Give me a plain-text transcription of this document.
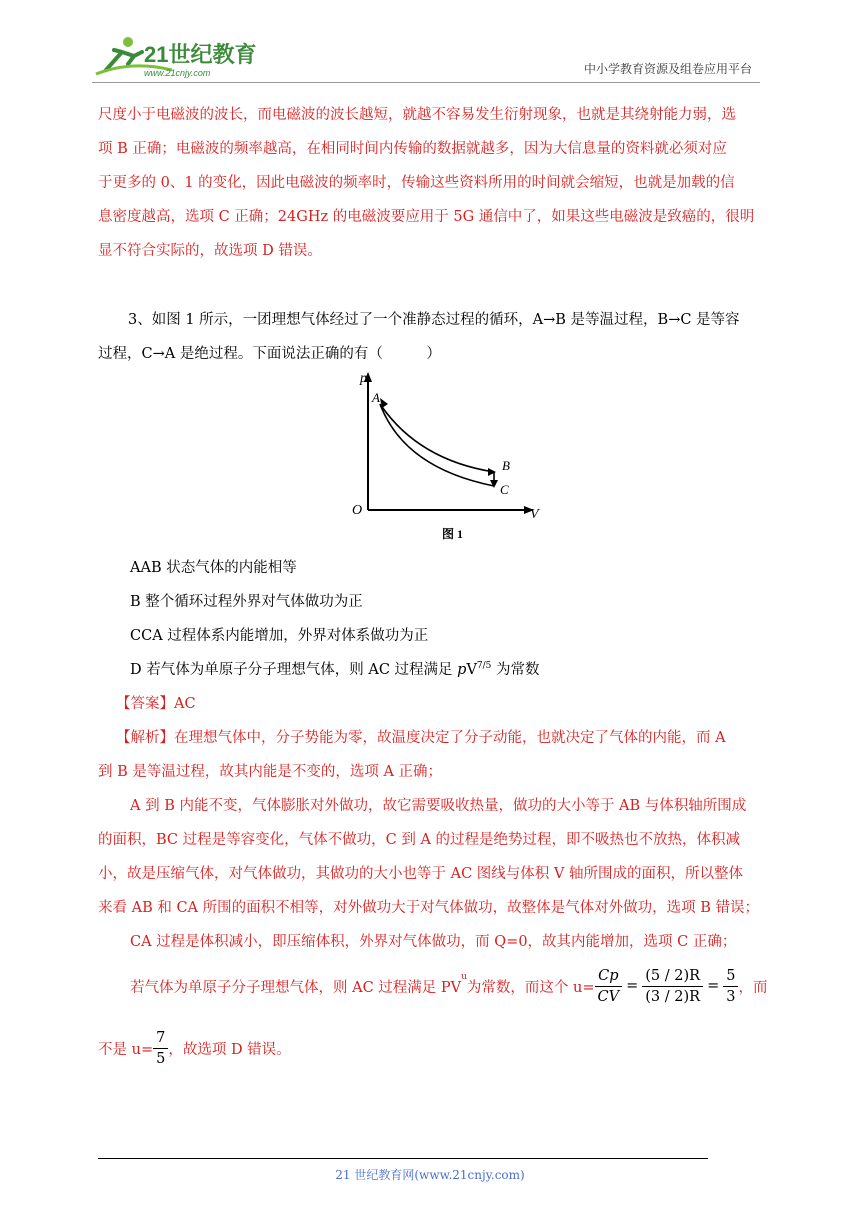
21世纪教育
www.21cnjy.com	中小学教育资源及组卷应用平台
尺度小于电磁波的波长，而电磁波的波长越短，就越不容易发生衍射现象，也就是其绕射能力弱，选
项 B 正确；电磁波的频率越高，在相同时间内传输的数据就越多，因为大信息量的资料就必须对应
于更多的 0、1 的变化，因此电磁波的频率时，传输这些资料所用的时间就会缩短，也就是加载的信
息密度越高，选项 C 正确；24GHz 的电磁波要应用于 5G 通信中了，如果这些电磁波是致癌的，很明
显不符合实际的，故选项 D 错误。
3、如图 1 所示，一团理想气体经过了一个准静态过程的循环，A→B 是等温过程，B→C 是等容
过程，C→A 是绝过程。下面说法正确的有（　　　）
p
V
O
A
B
C
图 1
AAB 状态气体的内能相等
B 整个循环过程外界对气体做功为正
CCA 过程体系内能增加，外界对体系做功为正
D 若气体为单原子分子理想气体，则 AC 过程满足 $pV^{7/5}$ 为常数
【答案】AC
【解析】在理想气体中，分子势能为零，故温度决定了分子动能，也就决定了气体的内能，而 A
到 B 是等温过程，故其内能是不变的，选项 A 正确；
A 到 B 内能不变，气体膨胀对外做功，故它需要吸收热量，做功的大小等于 AB 与体积轴所围成
的面积，BC 过程是等容变化，气体不做功，C 到 A 的过程是绝势过程，即不吸热也不放热，体积减
小，故是压缩气体，对气体做功，其做功的大小也等于 AC 图线与体积 V 轴所围成的面积，所以整体
来看 AB 和 CA 所围的面积不相等，对外做功大于对气体做功，故整体是气体对外做功，选项 B 错误；
CA 过程是体积减小，即压缩体积，外界对气体做功，而 Q=0，故其内能增加，选项 C 正确；
若气体为单原子分子理想气体，则 AC 过程满足 PV
$^u$
为常数，而这个 $u= \frac{Cp}{CV} = \frac{(5 / 2)R}{(3 / 2)R} = \frac{5}{3}$ ，而
不是 $u= \frac{7}{5}$ ，故选项 D 错误。
21 世纪教育网(www.21cnjy.com)
